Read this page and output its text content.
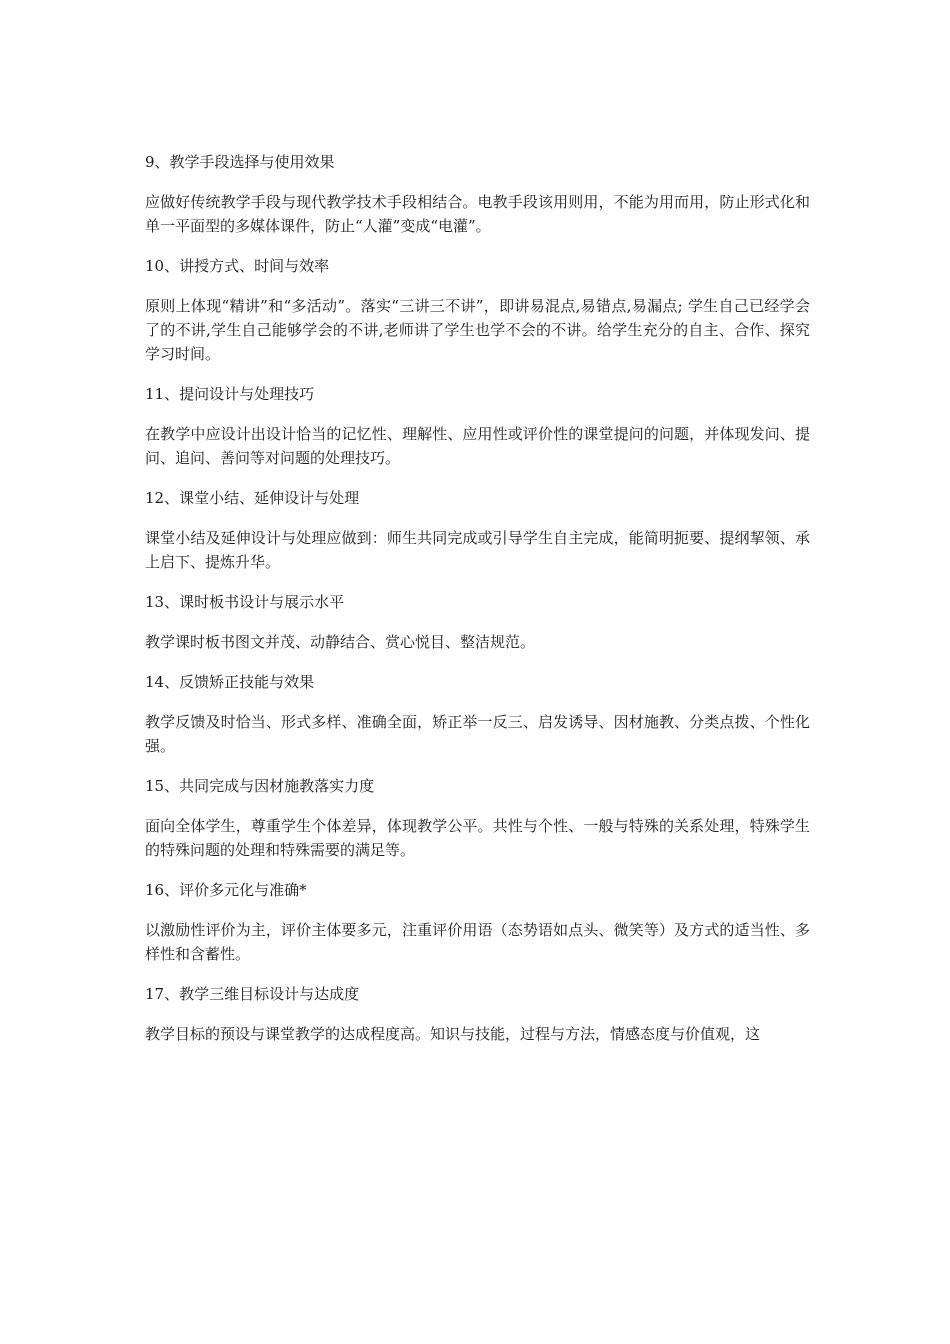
9、教学手段选择与使用效果

应做好传统教学手段与现代教学技术手段相结合。电教手段该用则用，不能为用而用，防止形式化和单一平面型的多媒体课件，防止“人灌”变成“电灌”。

10、讲授方式、时间与效率

原则上体现“精讲”和“多活动”。落实“三讲三不讲”，即讲易混点,易错点,易漏点; 学生自己已经学会了的不讲,学生自己能够学会的不讲,老师讲了学生也学不会的不讲。给学生充分的自主、合作、探究学习时间。

11、提问设计与处理技巧

在教学中应设计出设计恰当的记忆性、理解性、应用性或评价性的课堂提问的问题，并体现发问、提问、追问、善问等对问题的处理技巧。

12、课堂小结、延伸设计与处理

课堂小结及延伸设计与处理应做到：师生共同完成或引导学生自主完成，能简明扼要、提纲挈领、承上启下、提炼升华。

13、课时板书设计与展示水平

教学课时板书图文并茂、动静结合、赏心悦目、整洁规范。

14、反馈矫正技能与效果

教学反馈及时恰当、形式多样、准确全面，矫正举一反三、启发诱导、因材施教、分类点拨、个性化强。

15、共同完成与因材施教落实力度

面向全体学生，尊重学生个体差异，体现教学公平。共性与个性、一般与特殊的关系处理，特殊学生的特殊问题的处理和特殊需要的满足等。

16、评价多元化与准确*

以激励性评价为主，评价主体要多元，注重评价用语（态势语如点头、微笑等）及方式的适当性、多样性和含蓄性。

17、教学三维目标设计与达成度

教学目标的预设与课堂教学的达成程度高。知识与技能，过程与方法，情感态度与价值观，这
